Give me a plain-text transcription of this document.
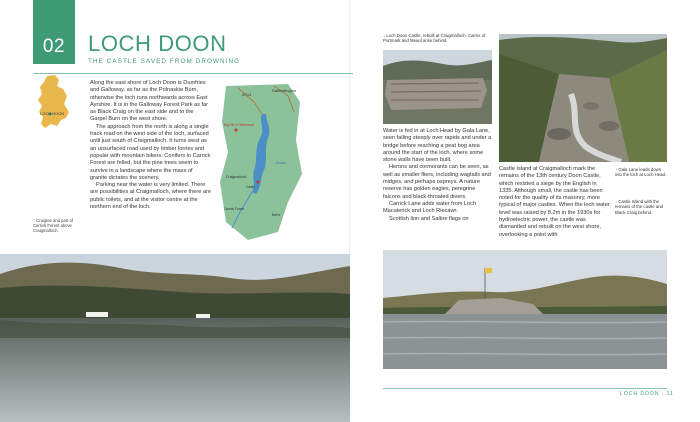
02	LOCH DOON
THE CASTLE SAVED FROM DROWNING
LOCH DOON

Along the east shore of Loch Doon is Dumfries and Galloway, as far as the Polnaskie Burn, otherwise the loch runs northwards across East Ayrshire. It is in the Galloway Forest Park as far as Black Craig on the east side and to the Garpel Burn on the west shore.

The approach from the north is along a single track road on the west side of the loch, surfaced until just south of Craigmalloch. It turns west as an unsurfaced road used by timber lorries and popular with mountain bikers. Conifers in Carrick Forest are felled, but the pine trees seem to survive in a landscape where the mass of granite dictates the scenery.

Parking near the water is very limited. There are possibilities at Craigmalloch, where there are public toilets, and at the visitor centre at the northern end of the loch.

A713
Dalmellington
Big Hill of Glenmount
Doon
Craigmalloch
Castle
Carrick Forest
Bell's
↑ Craiglee and part of Carrick Forest above Craigmalloch.
↓ Loch Doon Castle, rebuilt at Craigmalloch. Cairns of Portmark and Meaul arise behind.

Water is fed in at Loch Head by Gala Lane, seen falling steeply over rapids and under a bridge before reaching a peat bog area around the start of the loch, where some stone walls have been built.

Herons and cormorants can be seen, as well as smaller fliers, including wagtails and midges, and perhaps ospreys. A nature reserve has golden eagles, peregrine falcons and black-throated divers.

Carrick Lane adds water from Loch Macaterick and Loch Riecawr.

Scottish lion and Saltire flags on

Castle Island at Craigmalloch mark the remains of the 13th century Doon Castle, which resisted a siege by the English in 1335. Although small, the castle has been noted for the quality of its masonry, more typical of major castles. When the loch water level was raised by 8.2m in the 1930s for hydroelectric power, the castle was dismantled and rebuilt on the west shore, overlooking a point with
↑ Gala Lane leads down into the loch at Loch Head.
↓ Castle Island with the remains of the castle and Black Craig behind.
LOCH DOON | 11
